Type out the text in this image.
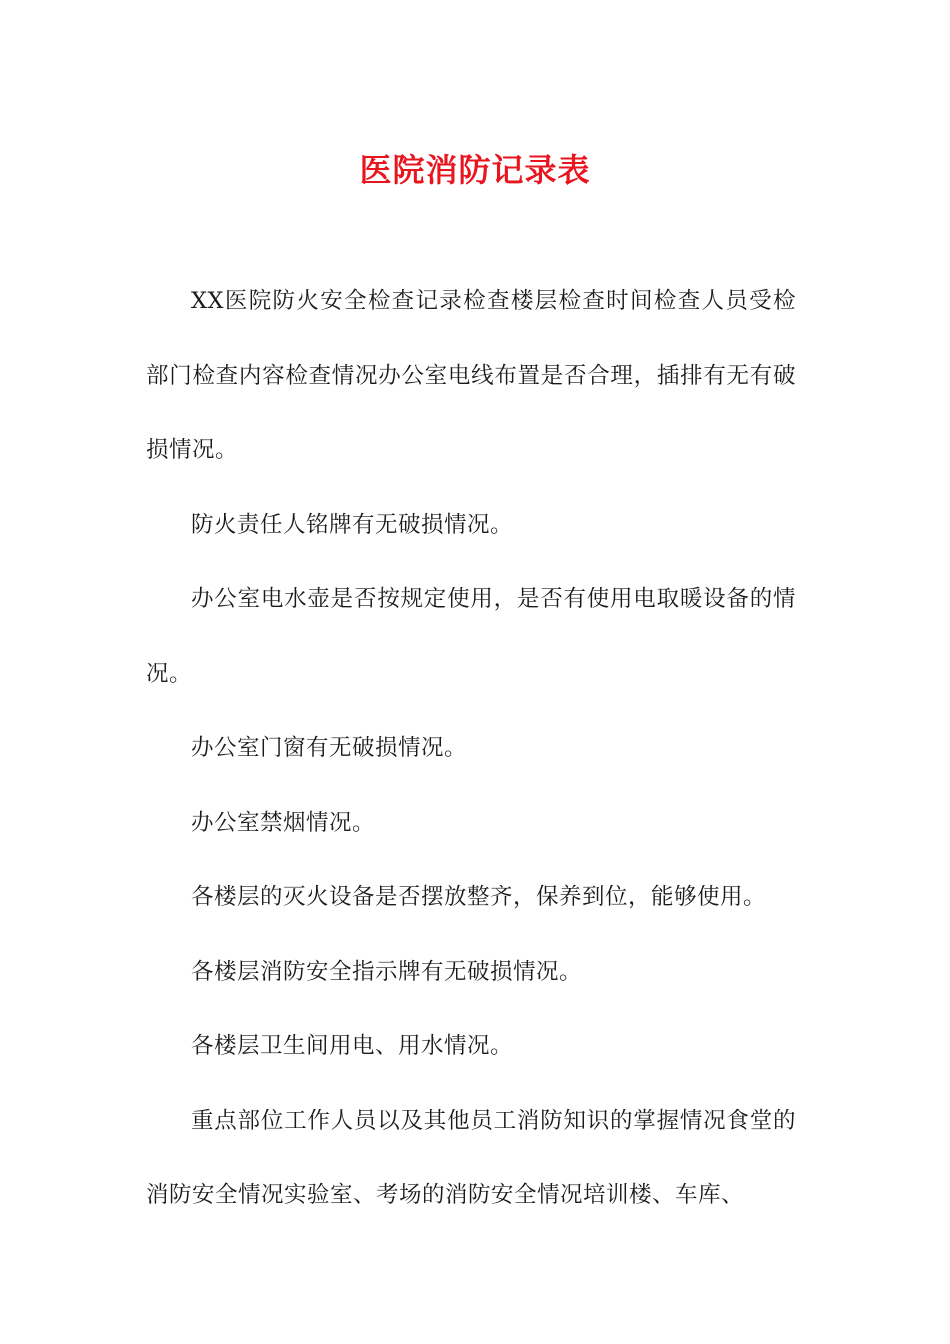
医院消防记录表

XX医院防火安全检查记录检查楼层检查时间检查人员受检部门检查内容检查情况办公室电线布置是否合理，插排有无有破损情况。

防火责任人铭牌有无破损情况。

办公室电水壶是否按规定使用，是否有使用电取暖设备的情况。

办公室门窗有无破损情况。

办公室禁烟情况。

各楼层的灭火设备是否摆放整齐，保养到位，能够使用。

各楼层消防安全指示牌有无破损情况。

各楼层卫生间用电、用水情况。

重点部位工作人员以及其他员工消防知识的掌握情况食堂的消防安全情况实验室、考场的消防安全情况培训楼、车库、
